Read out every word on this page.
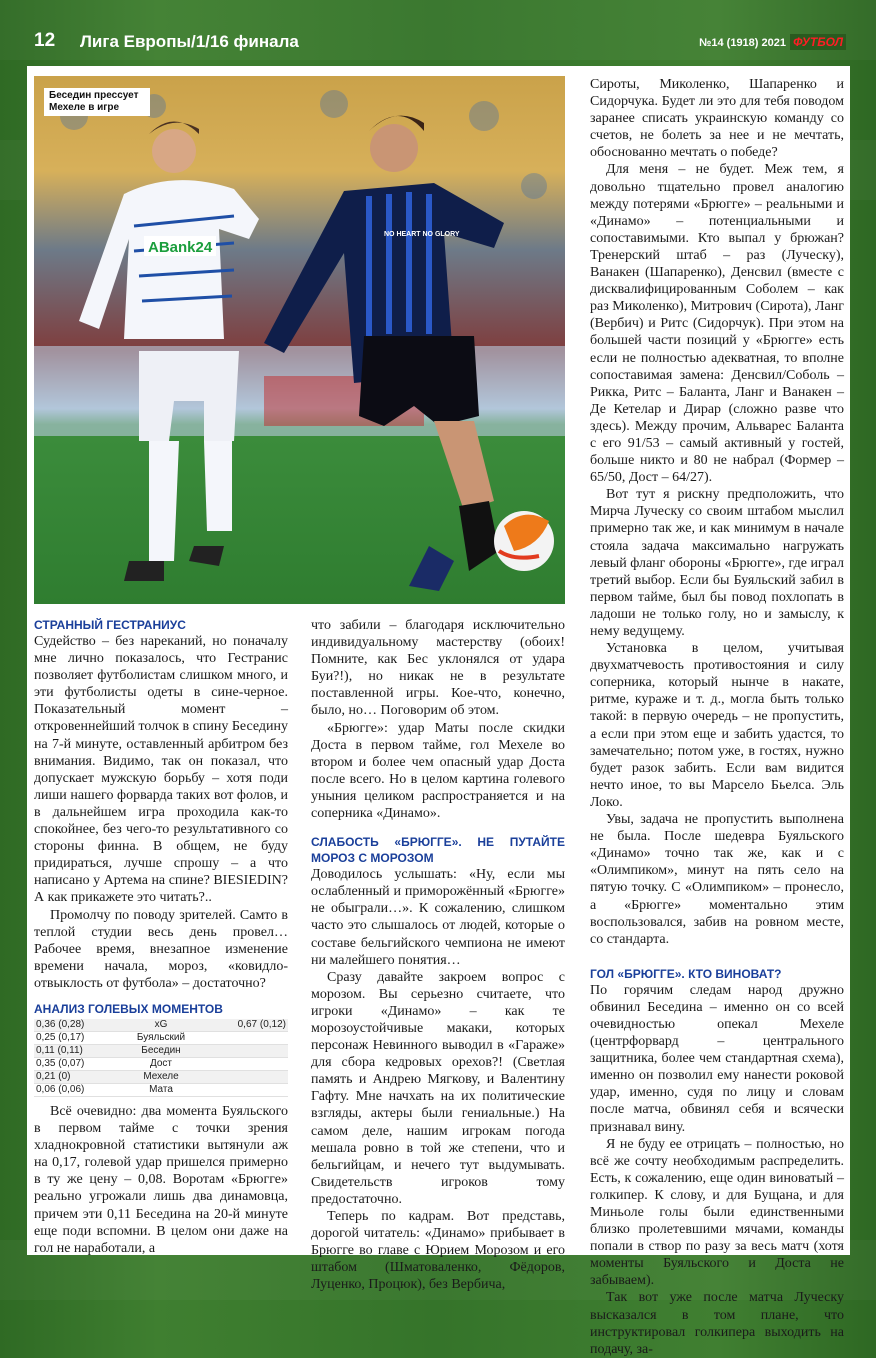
12 Лига Европы/1/16 финала	№14 (1918) 2021 ФУТБОЛ
ABank24
NO HEART NO GLORY
Беседин прессует Мехеле в игре
СТРАННЫЙ ГЕСТРАНИУС

Судейство – без нареканий, но поначалу мне лично показалось, что Гестранис позволяет футболистам слишком много, и эти футболисты одеты в сине-черное. Показательный момент – откровеннейший толчок в спину Беседину на 7-й минуте, оставленный арбитром без внимания. Видимо, так он показал, что допускает мужскую борьбу – хотя поди лиши нашего форварда таких вот фолов, и в дальнейшем игра проходила как-то спокойнее, без чего-то результативного со стороны финна. В общем, не буду придираться, лучше спрошу – а что написано у Артема на спине? BIESIEDIN? А как прикажете это читать?..

Промолчу по поводу зрителей. Самто в теплой студии весь день провел… Рабочее время, внезапное изменение времени начала, мороз, «ковидло-отвыклость от футбола» – достаточно?

АНАЛИЗ ГОЛЕВЫХ МОМЕНТОВ
0,36 (0,28)	xG	0,67 (0,12)
0,25 (0,17)	Буяльский	
0,11 (0,11)	Беседин	
0,35 (0,07)	Дост	
0,21 (0)	Мехеле	
0,06 (0,06)	Мата	

Всё очевидно: два момента Буяльского в первом тайме с точки зрения хладнокровной статистики вытянули аж на 0,17, голевой удар пришелся примерно в ту же цену – 0,08. Воротам «Брюгге» реально угрожали лишь два динамовца, причем эти 0,11 Беседина на 20-й минуте еще поди вспомни. В целом они даже на гол не наработали, а

что забили – благодаря исключительно индивидуальному мастерству (обоих! Помните, как Бес уклонялся от удара Буи?!), но никак не в результате поставленной игры. Кое-что, конечно, было, но… Поговорим об этом.

«Брюгге»: удар Маты после скидки Доста в первом тайме, гол Мехеле во втором и более чем опасный удар Доста после всего. Но в целом картина голевого уныния целиком распространяется и на соперника «Динамо».

СЛАБОСТЬ «БРЮГГЕ». НЕ ПУТАЙТЕ МОРОЗ С МОРОЗОМ

Доводилось услышать: «Ну, если мы ослабленный и приморожённый «Брюгге» не обыграли…». К сожалению, слишком часто это слышалось от людей, которые о составе бельгийского чемпиона не имеют ни малейшего понятия…

Сразу давайте закроем вопрос с морозом. Вы серьезно считаете, что игроки «Динамо» – как те морозоустойчивые макаки, которых персонаж Невинного выводил в «Гараже» для сбора кедровых орехов?! (Светлая память и Андрею Мягкову, и Валентину Гафту. Мне начхать на их политические взгляды, актеры были гениальные.) На самом деле, нашим игрокам погода мешала ровно в той же степени, что и бельгийцам, и нечего тут выдумывать. Свидетельств игроков тому предостаточно.

Теперь по кадрам. Вот представь, дорогой читатель: «Динамо» прибывает в Брюгге во главе с Юрием Морозом и его штабом (Шматоваленко, Фёдоров, Луценко, Процюк), без Вербича,

Сироты, Миколенко, Шапаренко и Сидорчука. Будет ли это для тебя поводом заранее списать украинскую команду со счетов, не болеть за нее и не мечтать, обоснованно мечтать о победе?

Для меня – не будет. Меж тем, я довольно тщательно провел аналогию между потерями «Брюгге» – реальными и «Динамо» – потенциальными и сопоставимыми. Кто выпал у брюжан? Тренерский штаб – раз (Луческу), Ванакен (Шапаренко), Денсвил (вместе с дисквалифицированным Соболем – как раз Миколенко), Митрович (Сирота), Ланг (Вербич) и Ритс (Сидорчук). При этом на большей части позиций у «Брюгге» есть если не полностью адекватная, то вполне сопоставимая замена: Денсвил/Соболь – Рикка, Ритс – Баланта, Ланг и Ванакен – Де Кетелар и Дирар (сложно разве что здесь). Между прочим, Альварес Баланта с его 91/53 – самый активный у гостей, больше никто и 80 не набрал (Формер – 65/50, Дост – 64/27).

Вот тут я рискну предположить, что Мирча Луческу со своим штабом мыслил примерно так же, и как минимум в начале стояла задача максимально нагружать левый фланг обороны «Брюгге», где играл третий выбор. Если бы Буяльский забил в первом тайме, был бы повод похлопать в ладоши не только голу, но и замыслу, к нему ведущему.

Установка в целом, учитывая двухматчевость противостояния и силу соперника, который нынче в накате, ритме, кураже и т. д., могла быть только такой: в первую очередь – не пропустить, а если при этом еще и забить удастся, то замечательно; потом уже, в гостях, нужно будет разок забить. Если вам видится нечто иное, то вы Марсело Бьелса. Эль Локо.

Увы, задача не пропустить выполнена не была. После шедевра Буяльского «Динамо» точно так же, как и с «Олимпиком», минут на пять село на пятую точку. С «Олимпиком» – пронесло, а «Брюгге» моментально этим воспользовался, забив на ровном месте, со стандарта.

ГОЛ «БРЮГГЕ». КТО ВИНОВАТ?

По горячим следам народ дружно обвинил Беседина – именно он со всей очевидностью опекал Мехеле (центрфорвард – центрального защитника, более чем стандартная схема), именно он позволил ему нанести роковой удар, именно, судя по лицу и словам после матча, обвинял себя и всячески признавал вину.

Я не буду ее отрицать – полностью, но всё же сочту необходимым распределить. Есть, к сожалению, еще один виноватый – голкипер. К слову, и для Бущана, и для Миньоле голы были единственными близко пролетевшими мячами, команды попали в створ по разу за весь матч (хотя моменты Буяльского и Доста не забываем).

Так вот уже после матча Луческу высказался в том плане, что инструктировал голкипера выходить на подачу, за-
